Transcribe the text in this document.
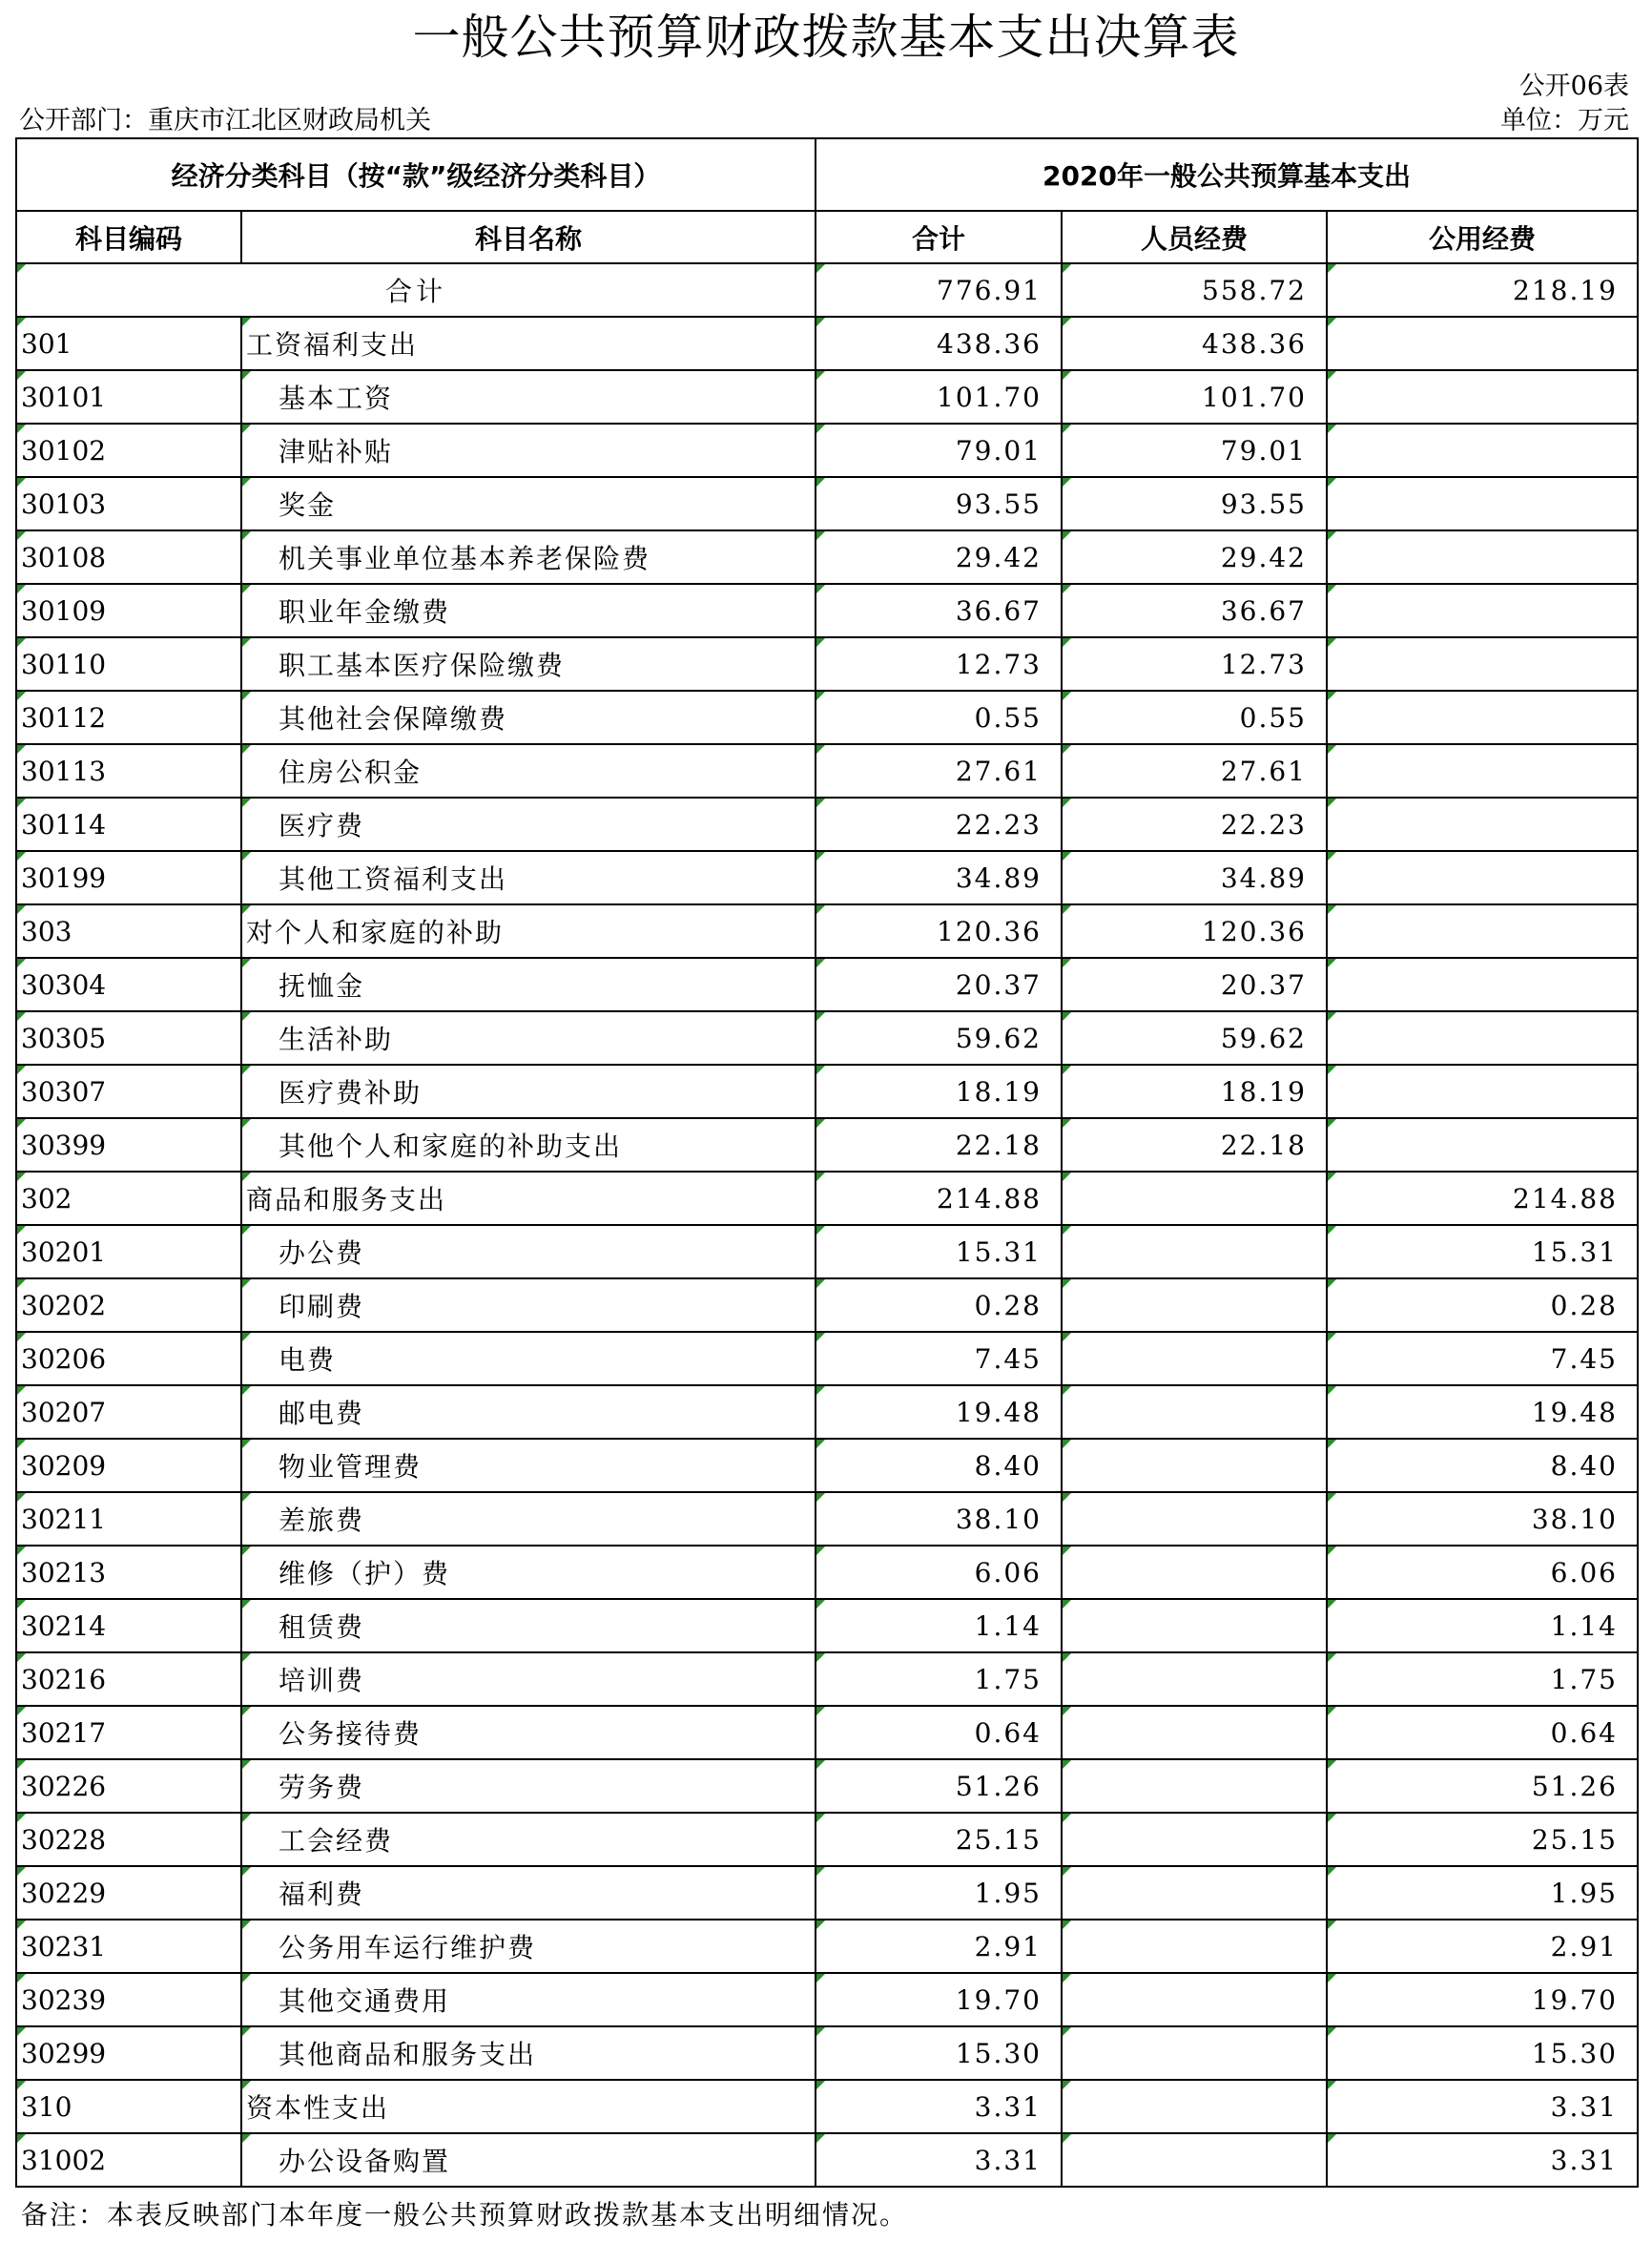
一般公共预算财政拨款基本支出决算表
公开06表
公开部门：重庆市江北区财政局机关	单位：万元
经济分类科目（按“款”级经济分类科目）		2020年一般公共预算基本支出		
科目编码	科目名称	合计	人员经费	公用经费
合计		776.91	558.72	218.19
301	工资福利支出	438.36	438.36	
30101	基本工资	101.70	101.70	
30102	津贴补贴	79.01	79.01	
30103	奖金	93.55	93.55	
30108	机关事业单位基本养老保险费	29.42	29.42	
30109	职业年金缴费	36.67	36.67	
30110	职工基本医疗保险缴费	12.73	12.73	
30112	其他社会保障缴费	0.55	0.55	
30113	住房公积金	27.61	27.61	
30114	医疗费	22.23	22.23	
30199	其他工资福利支出	34.89	34.89	
303	对个人和家庭的补助	120.36	120.36	
30304	抚恤金	20.37	20.37	
30305	生活补助	59.62	59.62	
30307	医疗费补助	18.19	18.19	
30399	其他个人和家庭的补助支出	22.18	22.18	
302	商品和服务支出	214.88		214.88
30201	办公费	15.31		15.31
30202	印刷费	0.28		0.28
30206	电费	7.45		7.45
30207	邮电费	19.48		19.48
30209	物业管理费	8.40		8.40
30211	差旅费	38.10		38.10
30213	维修（护）费	6.06		6.06
30214	租赁费	1.14		1.14
30216	培训费	1.75		1.75
30217	公务接待费	0.64		0.64
30226	劳务费	51.26		51.26
30228	工会经费	25.15		25.15
30229	福利费	1.95		1.95
30231	公务用车运行维护费	2.91		2.91
30239	其他交通费用	19.70		19.70
30299	其他商品和服务支出	15.30		15.30
310	资本性支出	3.31		3.31
31002	办公设备购置	3.31		3.31
备注：本表反映部门本年度一般公共预算财政拨款基本支出明细情况。
